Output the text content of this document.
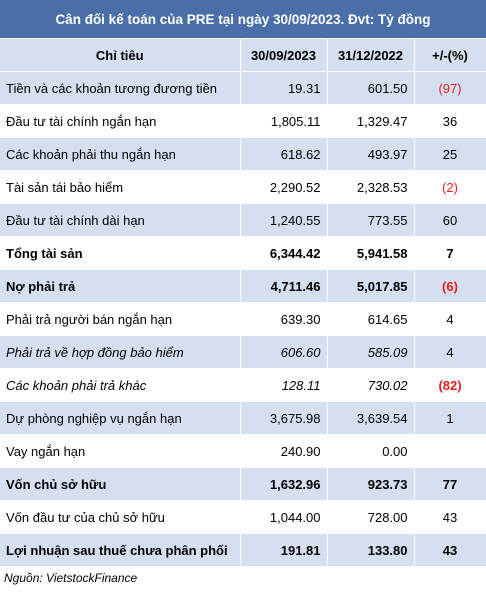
Cân đối kế toán của PRE tại ngày 30/09/2023. Đvt: Tỷ đồng
Chỉ tiêu	30/09/2023	31/12/2022	+/-(%)
Tiền và các khoản tương đương tiền	19.31	601.50	(97)
Đầu tư tài chính ngắn hạn	1,805.11	1,329.47	36
Các khoản phải thu ngắn hạn	618.62	493.97	25
Tài sản tái bảo hiểm	2,290.52	2,328.53	(2)
Đầu tư tài chính dài hạn	1,240.55	773.55	60
Tổng tài sản	6,344.42	5,941.58	7
Nợ phải trả	4,711.46	5,017.85	(6)
Phải trả người bán ngắn hạn	639.30	614.65	4
Phải trả về hợp đồng bảo hiểm	606.60	585.09	4
Các khoản phải trả khác	128.11	730.02	(82)
Dự phòng nghiệp vụ ngắn hạn	3,675.98	3,639.54	1
Vay ngắn hạn	240.90	0.00	
Vốn chủ sở hữu	1,632.96	923.73	77
Vốn đầu tư của chủ sở hữu	1,044.00	728.00	43
Lợi nhuận sau thuế chưa phân phối	191.81	133.80	43
Nguồn: VietstockFinance
